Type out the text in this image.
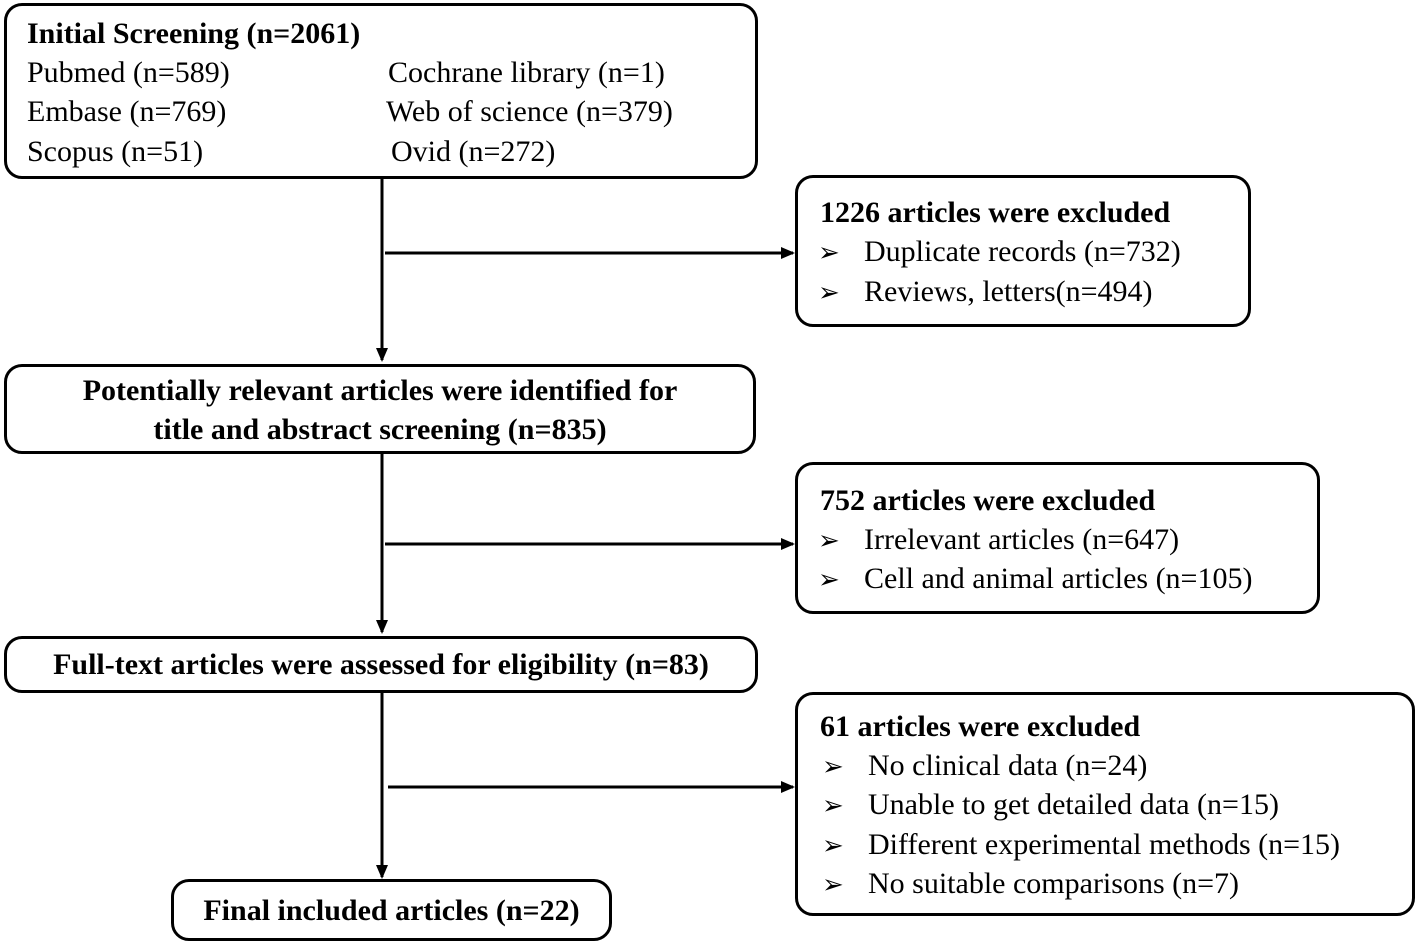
Initial Screening (n=2061)
Pubmed (n=589)	Cochrane library (n=1)
Embase (n=769)	Web of science (n=379)
Scopus (n=51)	Ovid (n=272)
1226 articles were excluded
➢ Duplicate records (n=732)
➢ Reviews, letters(n=494)
Potentially relevant articles were identified for
title and abstract screening (n=835)
752 articles were excluded
➢ Irrelevant articles (n=647)
➢ Cell and animal articles (n=105)
Full-text articles were assessed for eligibility (n=83)
61 articles were excluded
➢ No clinical data (n=24)
➢ Unable to get detailed data (n=15)
➢ Different experimental methods (n=15)
➢ No suitable comparisons (n=7)
Final included articles (n=22)
